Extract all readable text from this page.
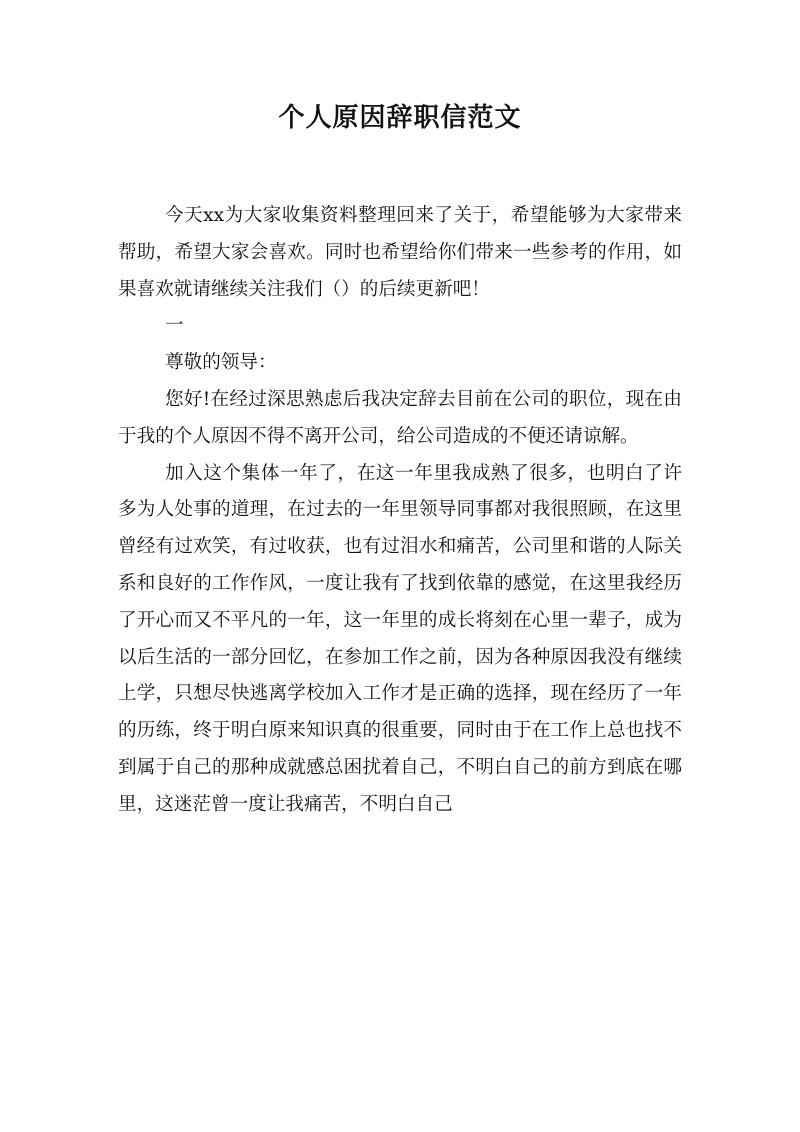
个人原因辞职信范文

今天xx为大家收集资料整理回来了关于，希望能够为大家带来帮助，希望大家会喜欢。同时也希望给你们带来一些参考的作用，如果喜欢就请继续关注我们（）的后续更新吧！

一

尊敬的领导：

您好!在经过深思熟虑后我决定辞去目前在公司的职位，现在由于我的个人原因不得不离开公司，给公司造成的不便还请谅解。

加入这个集体一年了，在这一年里我成熟了很多，也明白了许多为人处事的道理，在过去的一年里领导同事都对我很照顾，在这里曾经有过欢笑，有过收获，也有过泪水和痛苦，公司里和谐的人际关系和良好的工作作风，一度让我有了找到依靠的感觉，在这里我经历了开心而又不平凡的一年，这一年里的成长将刻在心里一辈子，成为以后生活的一部分回忆，在参加工作之前，因为各种原因我没有继续上学，只想尽快逃离学校加入工作才是正确的选择，现在经历了一年的历练，终于明白原来知识真的很重要，同时由于在工作上总也找不到属于自己的那种成就感总困扰着自己，不明白自己的前方到底在哪里，这迷茫曾一度让我痛苦，不明白自己
